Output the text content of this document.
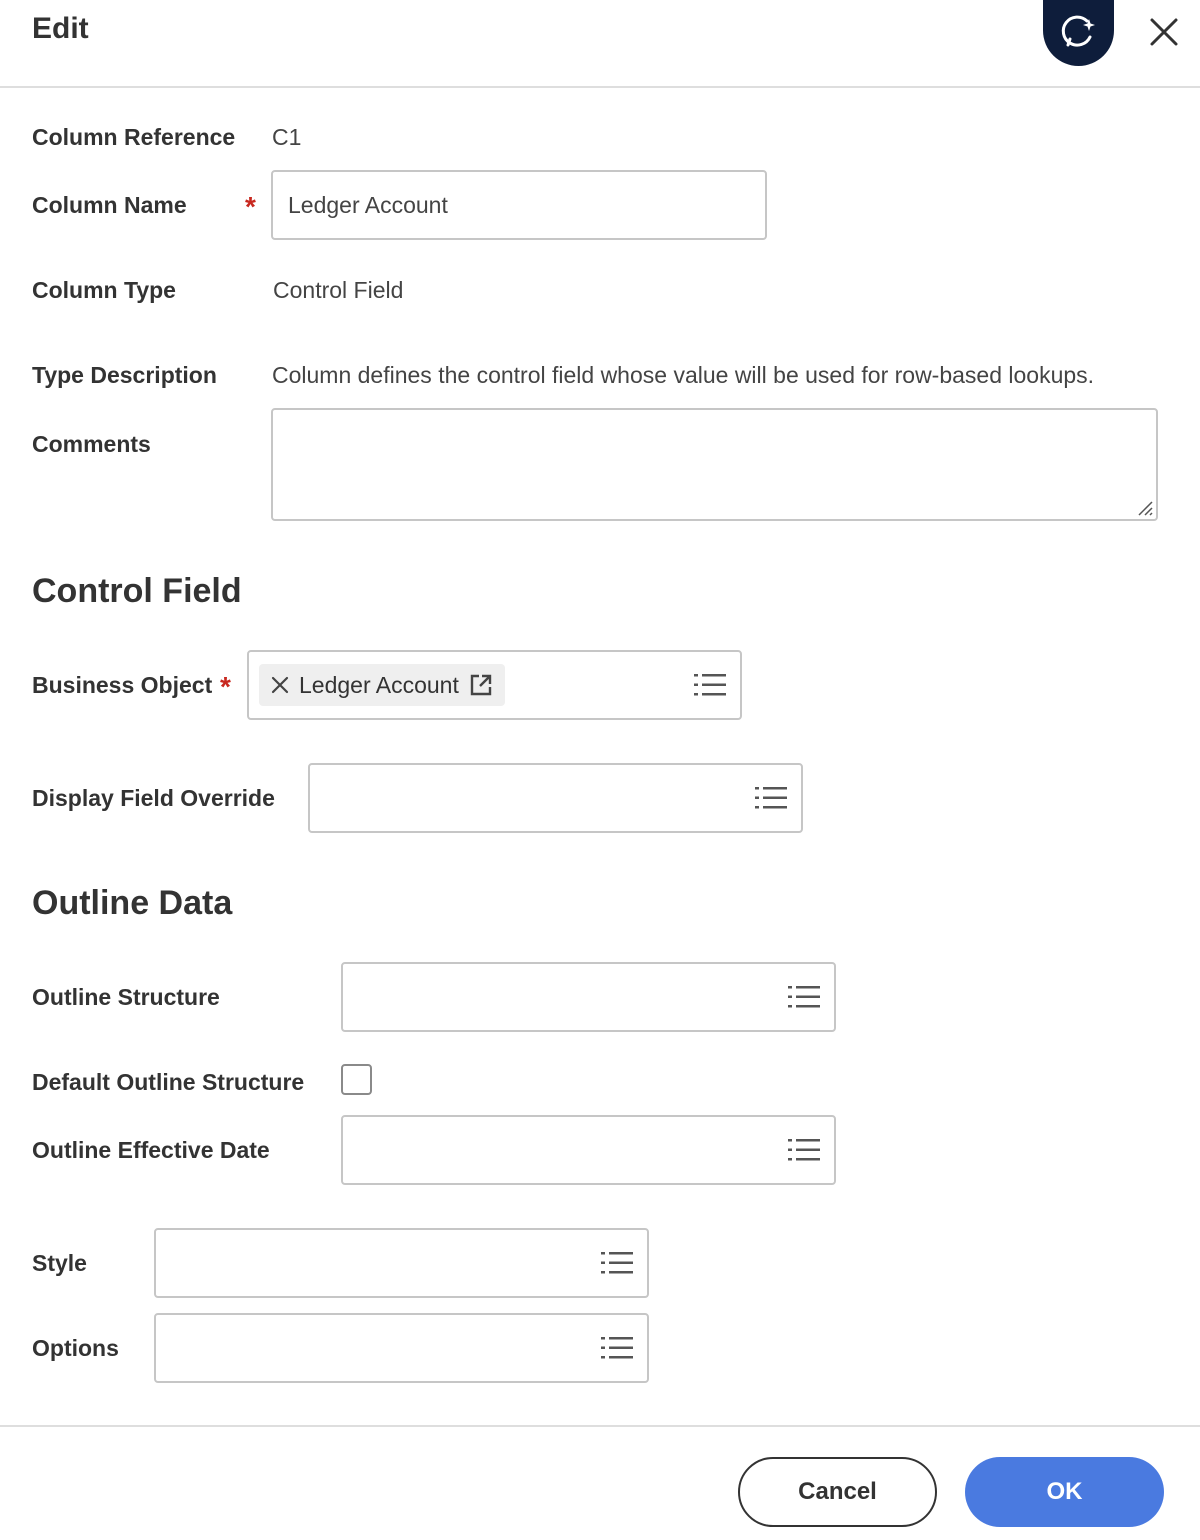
Edit
Column Reference C1
Column Name * Ledger Account
Column Type	Control Field
Type Description Column defines the control field whose value will be used for row-based lookups.
Comments
Control Field
Business Object *	Ledger Account
Display Field Override
Outline Data
Outline Structure
Default Outline Structure
Outline Effective Date
Style
Options
Cancel	OK
